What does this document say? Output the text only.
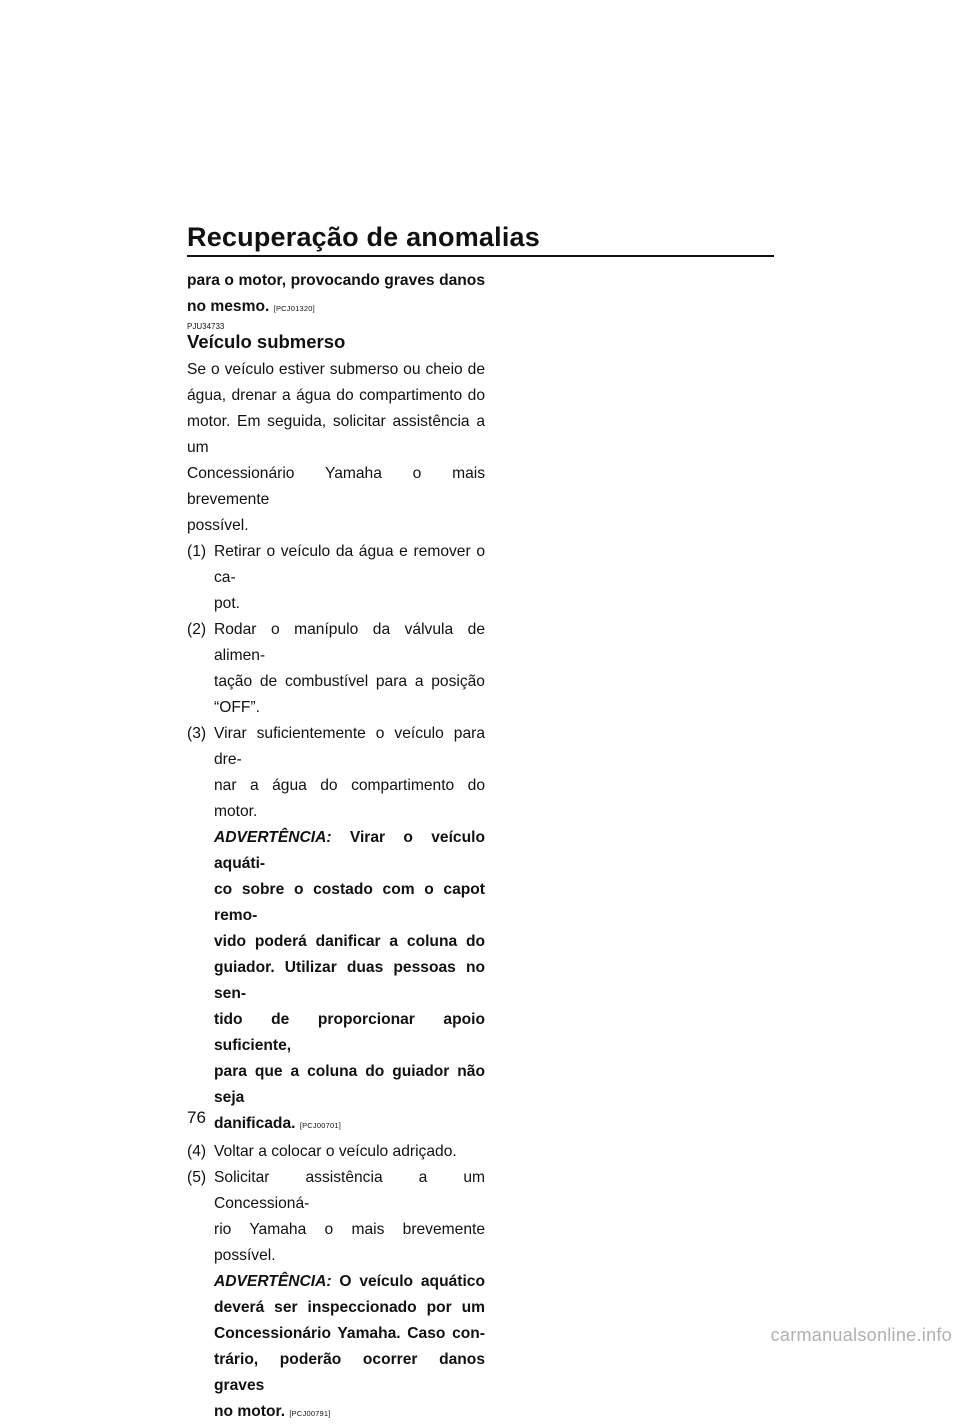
Recuperação de anomalias

para o motor, provocando graves danos

no mesmo. [PCJ01320]

PJU34733

Veículo submerso

Se o veículo estiver submerso ou cheio de

água, drenar a água do compartimento do

motor. Em seguida, solicitar assistência a um

Concessionário Yamaha o mais brevemente

possível.

(1) Retirar o veículo da água e remover o ca-

pot.

(2) Rodar o manípulo da válvula de alimen-

tação de combustível para a posição

“OFF”.

(3) Virar suficientemente o veículo para dre-

nar a água do compartimento do motor.

ADVERTÊNCIA: Virar o veículo aquáti-

co sobre o costado com o capot remo-

vido poderá danificar a coluna do

guiador. Utilizar duas pessoas no sen-

tido de proporcionar apoio suficiente,

para que a coluna do guiador não seja

danificada. [PCJ00701]

(4) Voltar a colocar o veículo adriçado.

(5) Solicitar assistência a um Concessioná-

rio Yamaha o mais brevemente possível.

ADVERTÊNCIA: O veículo aquático

deverá ser inspeccionado por um

Concessionário Yamaha. Caso con-

trário, poderão ocorrer danos graves

no motor. [PCJ00791]

76
carmanualsonline.info
